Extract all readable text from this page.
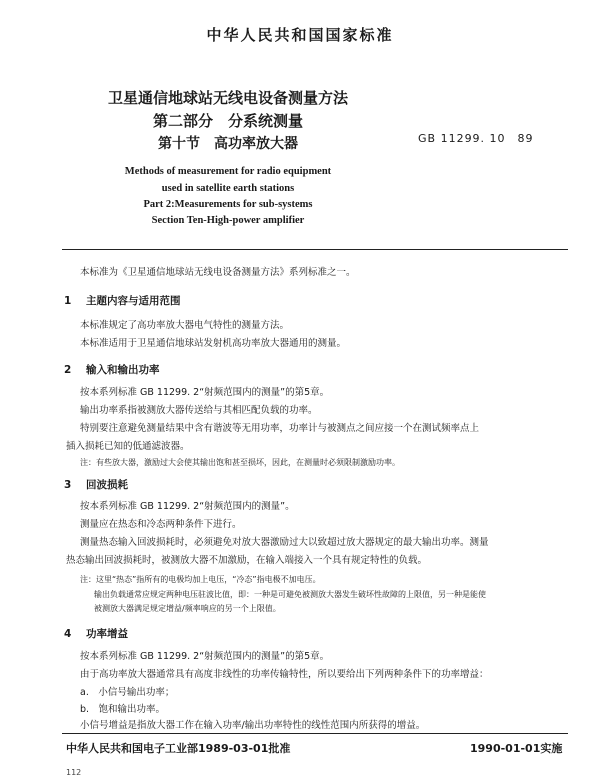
中华人民共和国国家标准
卫星通信地球站无线电设备测量方法
第二部分　分系统测量
第十节　高功率放大器	GB 11299. 10　89
Methods of measurement for radio equipment
used in satellite earth stations
Part 2:Measurements for sub-systems
Section Ten-High-power amplifier
本标准为《卫星通信地球站无线电设备测量方法》系列标准之一。
1 主题内容与适用范围
本标准规定了高功率放大器电气特性的测量方法。
本标准适用于卫星通信地球站发射机高功率放大器通用的测量。
2 输入和输出功率
按本系列标准 GB 11299. 2“射频范围内的测量”的第5章。
输出功率系指被测放大器传送给与其相匹配负载的功率。
特别要注意避免测量结果中含有谐波等无用功率，功率计与被测点之间应接一个在测试频率点上
插入损耗已知的低通滤波器。
注：有些放大器，激励过大会使其输出饱和甚至损坏，因此，在测量时必须限制激励功率。
3 回波损耗
按本系列标准 GB 11299. 2“射频范围内的测量”。
测量应在热态和冷态两种条件下进行。
测量热态输入回波损耗时，必须避免对放大器激励过大以致超过放大器规定的最大输出功率。测量
热态输出回波损耗时，被测放大器不加激励，在输入端接入一个具有规定特性的负载。
注：这里“热态”指所有的电极均加上电压，“冷态”指电极不加电压。
输出负载通常应规定两种电压驻波比值，即：一种是可避免被测放大器发生破坏性故障的上限值，另一种是能使
被测放大器满足规定增益/频率响应的另一个上限值。
4 功率增益
按本系列标准 GB 11299. 2“射频范围内的测量”的第5章。
由于高功率放大器通常具有高度非线性的功率传输特性，所以要给出下列两种条件下的功率增益：
a.　小信号输出功率；
b.　饱和输出功率。
小信号增益是指放大器工作在输入功率/输出功率特性的线性范围内所获得的增益。
中华人民共和国电子工业部1989-03-01批准	1990-01-01实施
112
